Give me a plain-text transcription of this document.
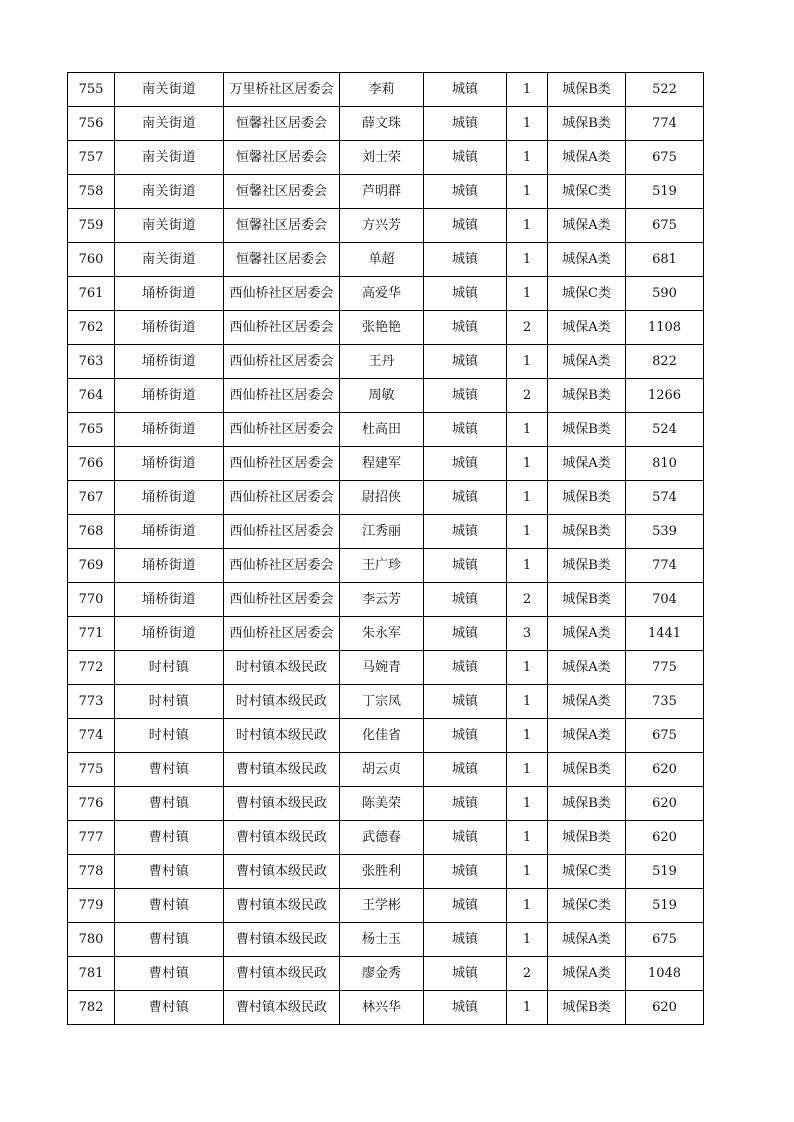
755	南关街道	万里桥社区居委会	李莉	城镇	1	城保B类	522
756	南关街道	恒馨社区居委会	薛文珠	城镇	1	城保B类	774
757	南关街道	恒馨社区居委会	刘士荣	城镇	1	城保A类	675
758	南关街道	恒馨社区居委会	芦明群	城镇	1	城保C类	519
759	南关街道	恒馨社区居委会	方兴芳	城镇	1	城保A类	675
760	南关街道	恒馨社区居委会	单超	城镇	1	城保A类	681
761	埇桥街道	西仙桥社区居委会	高爱华	城镇	1	城保C类	590
762	埇桥街道	西仙桥社区居委会	张艳艳	城镇	2	城保A类	1108
763	埇桥街道	西仙桥社区居委会	王丹	城镇	1	城保A类	822
764	埇桥街道	西仙桥社区居委会	周敏	城镇	2	城保B类	1266
765	埇桥街道	西仙桥社区居委会	杜高田	城镇	1	城保B类	524
766	埇桥街道	西仙桥社区居委会	程建军	城镇	1	城保A类	810
767	埇桥街道	西仙桥社区居委会	尉招侠	城镇	1	城保B类	574
768	埇桥街道	西仙桥社区居委会	江秀丽	城镇	1	城保B类	539
769	埇桥街道	西仙桥社区居委会	王广珍	城镇	1	城保B类	774
770	埇桥街道	西仙桥社区居委会	李云芳	城镇	2	城保B类	704
771	埇桥街道	西仙桥社区居委会	朱永军	城镇	3	城保A类	1441
772	时村镇	时村镇本级民政	马婉青	城镇	1	城保A类	775
773	时村镇	时村镇本级民政	丁宗凤	城镇	1	城保A类	735
774	时村镇	时村镇本级民政	化佳省	城镇	1	城保A类	675
775	曹村镇	曹村镇本级民政	胡云贞	城镇	1	城保B类	620
776	曹村镇	曹村镇本级民政	陈美荣	城镇	1	城保B类	620
777	曹村镇	曹村镇本级民政	武德春	城镇	1	城保B类	620
778	曹村镇	曹村镇本级民政	张胜利	城镇	1	城保C类	519
779	曹村镇	曹村镇本级民政	王学彬	城镇	1	城保C类	519
780	曹村镇	曹村镇本级民政	杨士玉	城镇	1	城保A类	675
781	曹村镇	曹村镇本级民政	廖金秀	城镇	2	城保A类	1048
782	曹村镇	曹村镇本级民政	林兴华	城镇	1	城保B类	620
